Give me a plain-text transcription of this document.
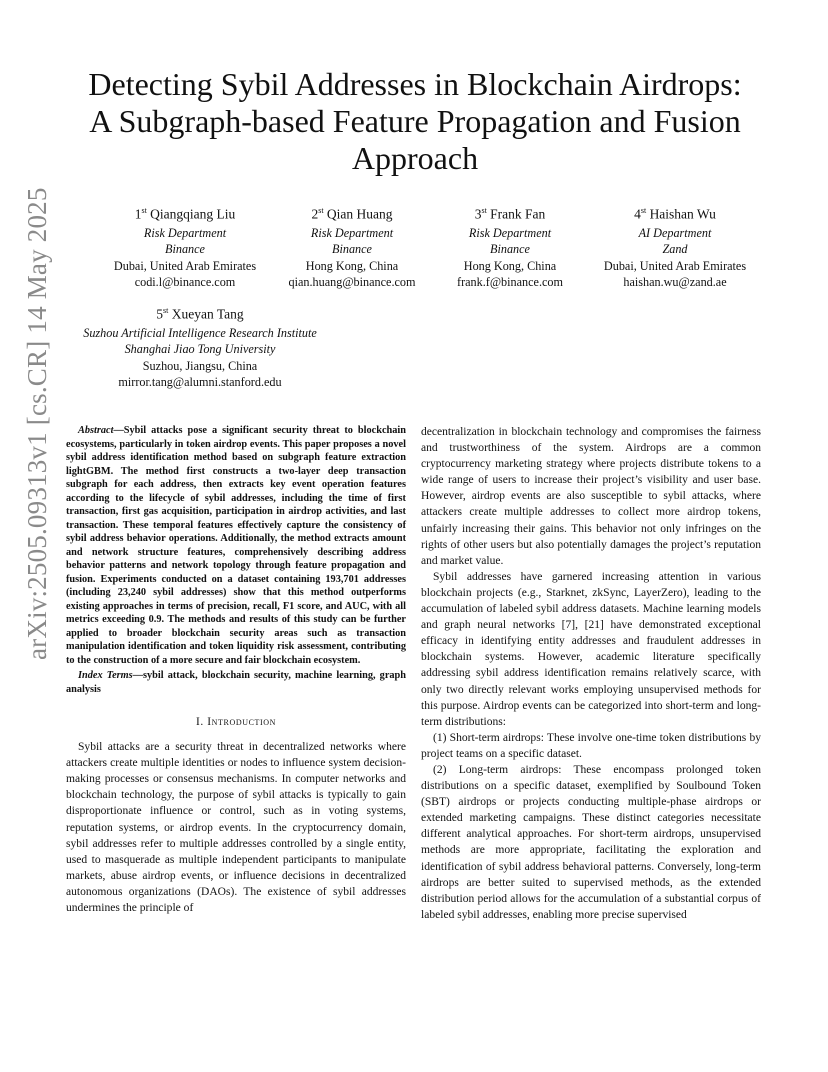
arXiv:2505.09313v1 [cs.CR] 14 May 2025
Detecting Sybil Addresses in Blockchain Airdrops:
A Subgraph-based Feature Propagation and Fusion
Approach
1st Qiangqiang Liu
Risk Department
Binance
Dubai, United Arab Emirates
codi.l@binance.com
2st Qian Huang
Risk Department
Binance
Hong Kong, China
qian.huang@binance.com
3st Frank Fan
Risk Department
Binance
Hong Kong, China
frank.f@binance.com
4st Haishan Wu
AI Department
Zand
Dubai, United Arab Emirates
haishan.wu@zand.ae
5st Xueyan Tang
Suzhou Artificial Intelligence Research Institute
Shanghai Jiao Tong University
Suzhou, Jiangsu, China
mirror.tang@alumni.stanford.edu

Abstract—Sybil attacks pose a significant security threat to blockchain ecosystems, particularly in token airdrop events. This paper proposes a novel sybil address identification method based on subgraph feature extraction lightGBM. The method first constructs a two-layer deep transaction subgraph for each address, then extracts key event operation features according to the lifecycle of sybil addresses, including the time of first transaction, first gas acquisition, participation in airdrop activities, and last transaction. These temporal features effectively capture the consistency of sybil address behavior operations. Additionally, the method extracts amount and network structure features, comprehensively describing address behavior patterns and network topology through feature propagation and fusion. Experiments conducted on a dataset containing 193,701 addresses (including 23,240 sybil addresses) show that this method outperforms existing approaches in terms of precision, recall, F1 score, and AUC, with all metrics exceeding 0.9. The methods and results of this study can be further applied to broader blockchain security areas such as transaction manipulation identification and token liquidity risk assessment, contributing to the construction of a more secure and fair blockchain ecosystem.

Index Terms—sybil attack, blockchain security, machine learning, graph analysis

I. Introduction

Sybil attacks are a security threat in decentralized networks where attackers create multiple identities or nodes to influence system decision-making processes or consensus mechanisms. In computer networks and blockchain technology, the purpose of sybil attacks is typically to gain disproportionate influence or control, such as in voting systems, reputation systems, or airdrop events. In the cryptocurrency domain, sybil addresses refer to multiple addresses controlled by a single entity, used to masquerade as multiple independent participants to manipulate markets, abuse airdrop events, or influence decisions in decentralized autonomous organizations (DAOs). The existence of sybil addresses undermines the principle of

decentralization in blockchain technology and compromises the fairness and trustworthiness of the system. Airdrops are a common cryptocurrency marketing strategy where projects distribute tokens to a wide range of users to increase their project’s visibility and user base. However, airdrop events are also susceptible to sybil attacks, where attackers create multiple addresses to collect more airdrop tokens, unfairly increasing their gains. This behavior not only infringes on the rights of other users but also potentially damages the project’s reputation and market value.

Sybil addresses have garnered increasing attention in various blockchain projects (e.g., Starknet, zkSync, LayerZero), leading to the accumulation of labeled sybil address datasets. Machine learning models and graph neural networks [7], [21] have demonstrated exceptional efficacy in identifying entity addresses and fraudulent addresses in blockchain systems. However, academic literature specifically addressing sybil address identification remains relatively scarce, with only two directly relevant works employing unsupervised methods for this purpose. Airdrop events can be categorized into short-term and long-term distributions:

(1) Short-term airdrops: These involve one-time token distributions by project teams on a specific dataset.

(2) Long-term airdrops: These encompass prolonged token distributions on a specific dataset, exemplified by Soulbound Token (SBT) airdrops or projects conducting multiple-phase airdrops or extended marketing campaigns. These distinct categories necessitate different analytical approaches. For short-term airdrops, unsupervised methods are more appropriate, facilitating the exploration and identification of sybil address behavioral patterns. Conversely, long-term airdrops are better suited to supervised methods, as the extended distribution period allows for the accumulation of a substantial corpus of labeled sybil addresses, enabling more precise supervised
